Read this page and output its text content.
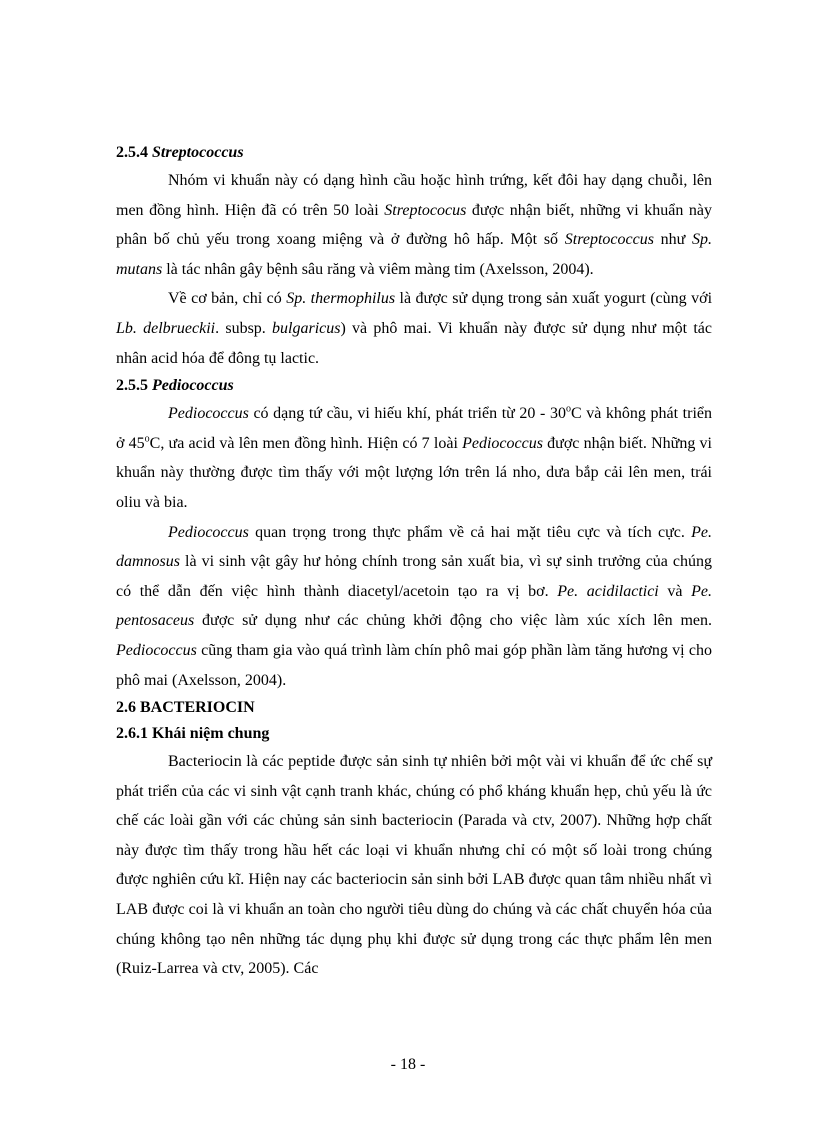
2.5.4 Streptococcus

Nhóm vi khuẩn này có dạng hình cầu hoặc hình trứng, kết đôi hay dạng chuỗi, lên men đồng hình. Hiện đã có trên 50 loài Streptococus được nhận biết, những vi khuẩn này phân bố chủ yếu trong xoang miệng và ở đường hô hấp. Một số Streptococcus như Sp. mutans là tác nhân gây bệnh sâu răng và viêm màng tim (Axelsson, 2004).

Về cơ bản, chỉ có Sp. thermophilus là được sử dụng trong sản xuất yogurt (cùng với Lb. delbrueckii. subsp. bulgaricus) và phô mai. Vi khuẩn này được sử dụng như một tác nhân acid hóa để đông tụ lactic.

2.5.5 Pediococcus

Pediococcus có dạng tứ cầu, vi hiếu khí, phát triển từ 20 - 30$^o$C và không phát triển ở 45$^o$C, ưa acid và lên men đồng hình. Hiện có 7 loài Pediococcus được nhận biết. Những vi khuẩn này thường được tìm thấy với một lượng lớn trên lá nho, dưa bắp cải lên men, trái oliu và bia.

Pediococcus quan trọng trong thực phẩm về cả hai mặt tiêu cực và tích cực. Pe. damnosus là vi sinh vật gây hư hỏng chính trong sản xuất bia, vì sự sinh trưởng của chúng có thể dẫn đến việc hình thành diacetyl/acetoin tạo ra vị bơ. Pe. acidilactici và Pe. pentosaceus được sử dụng như các chủng khởi động cho việc làm xúc xích lên men. Pediococcus cũng tham gia vào quá trình làm chín phô mai góp phần làm tăng hương vị cho phô mai (Axelsson, 2004).

2.6 BACTERIOCIN

2.6.1 Khái niệm chung

Bacteriocin là các peptide được sản sinh tự nhiên bởi một vài vi khuẩn để ức chế sự phát triển của các vi sinh vật cạnh tranh khác, chúng có phổ kháng khuẩn hẹp, chủ yếu là ức chế các loài gần với các chủng sản sinh bacteriocin (Parada và ctv, 2007). Những hợp chất này được tìm thấy trong hầu hết các loại vi khuẩn nhưng chỉ có một số loài trong chúng được nghiên cứu kĩ. Hiện nay các bacteriocin sản sinh bởi LAB được quan tâm nhiều nhất vì LAB được coi là vi khuẩn an toàn cho người tiêu dùng do chúng và các chất chuyển hóa của chúng không tạo nên những tác dụng phụ khi được sử dụng trong các thực phẩm lên men (Ruiz-Larrea và ctv, 2005). Các

- 18 -
